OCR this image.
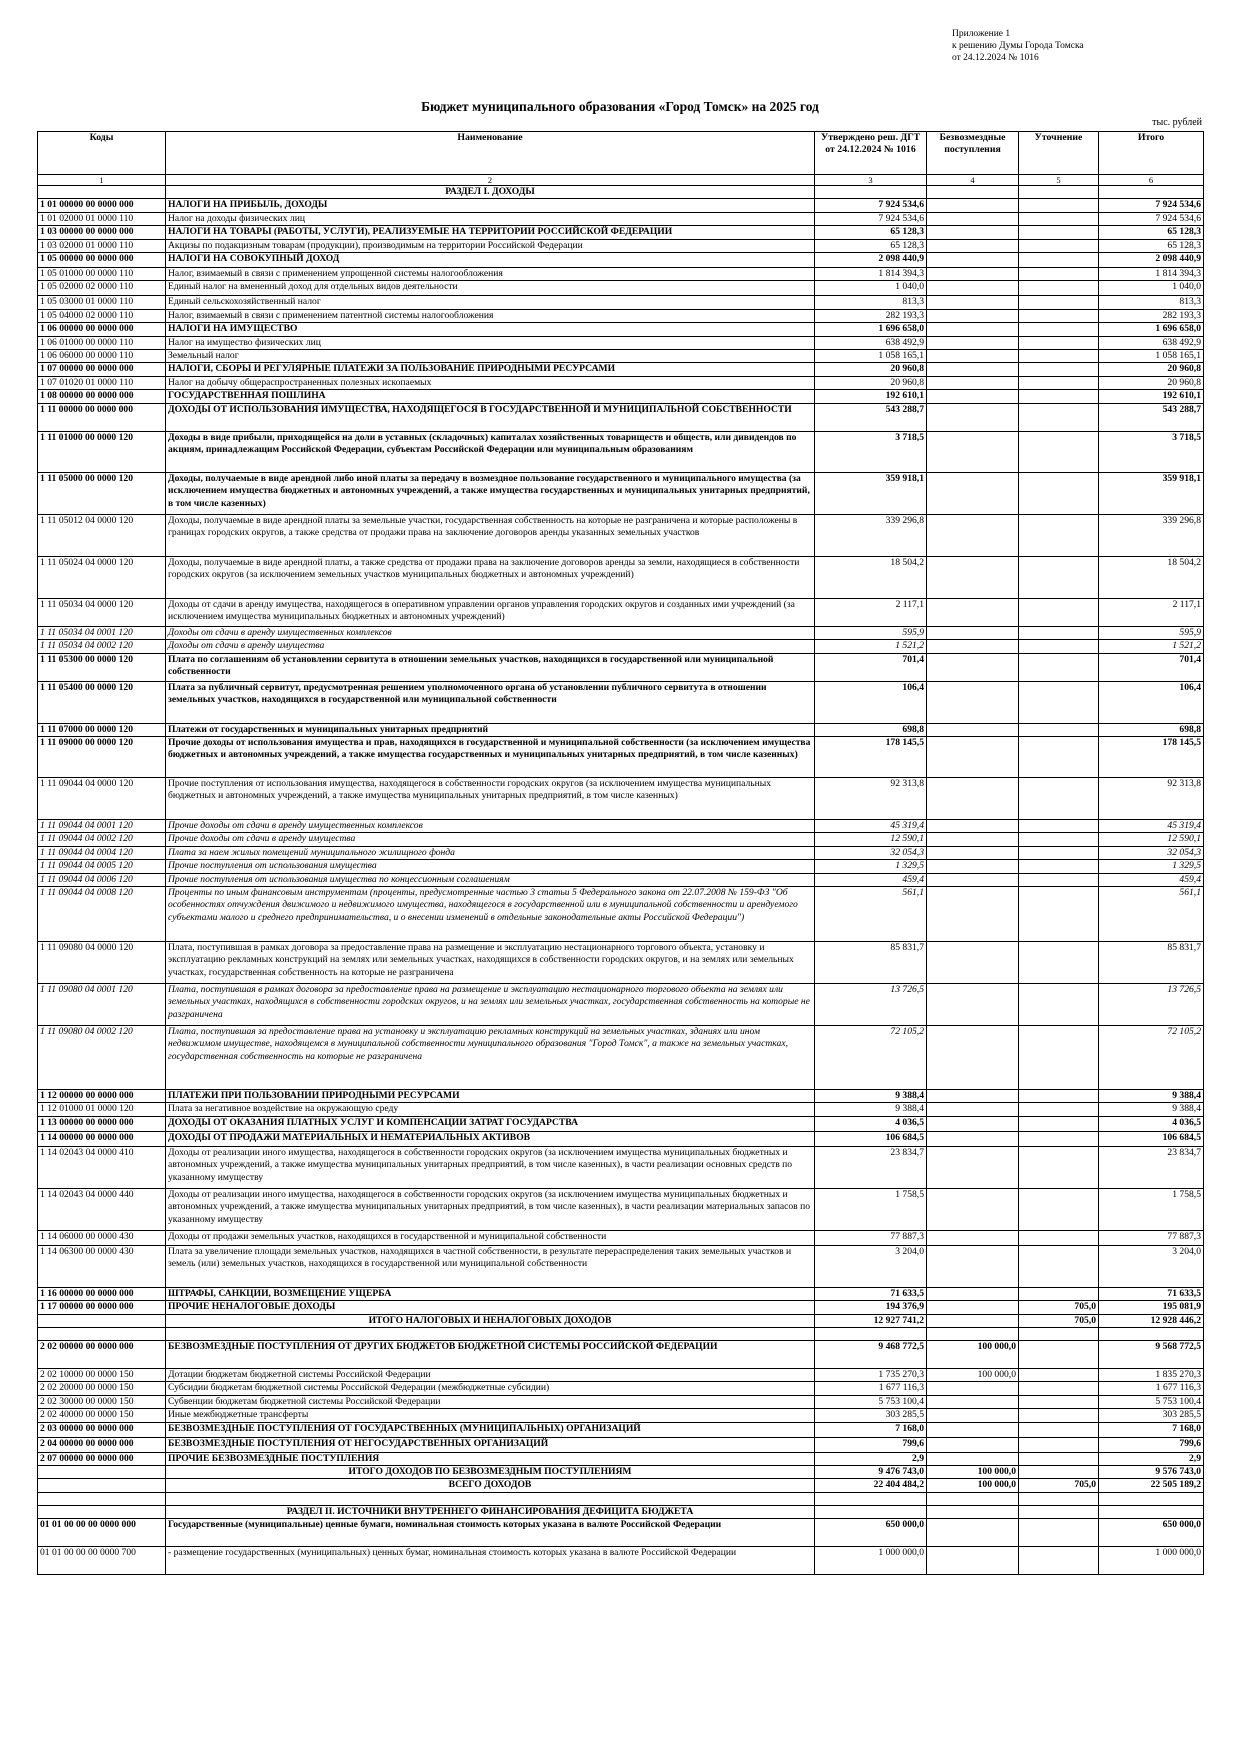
Приложение 1
к решению Думы Города Томска
от 24.12.2024 № 1016
Бюджет муниципального образования «Город Томск» на 2025 год
тыс. рублей
Коды	Наименование	Утверждено реш. ДГТ от 24.12.2024 № 1016	Безвозмездные поступления	Уточнение	Итого
1	2	3	4	5	6
	РАЗДЕЛ I. ДОХОДЫ				
1 01 00000 00 0000 000	НАЛОГИ НА ПРИБЫЛЬ, ДОХОДЫ	7 924 534,6			7 924 534,6
1 01 02000 01 0000 110	Налог на доходы физических лиц	7 924 534,6			7 924 534,6
1 03 00000 00 0000 000	НАЛОГИ НА ТОВАРЫ (РАБОТЫ, УСЛУГИ), РЕАЛИЗУЕМЫЕ НА ТЕРРИТОРИИ РОССИЙСКОЙ ФЕДЕРАЦИИ	65 128,3			65 128,3
1 03 02000 01 0000 110	Акцизы по подакцизным товарам (продукции), производимым на территории Российской Федерации	65 128,3			65 128,3
1 05 00000 00 0000 000	НАЛОГИ НА СОВОКУПНЫЙ ДОХОД	2 098 440,9			2 098 440,9
1 05 01000 00 0000 110	Налог, взимаемый в связи с применением упрощенной системы налогообложения	1 814 394,3			1 814 394,3
1 05 02000 02 0000 110	Единый налог на вмененный доход для отдельных видов деятельности	1 040,0			1 040,0
1 05 03000 01 0000 110	Единый сельскохозяйственный налог	813,3			813,3
1 05 04000 02 0000 110	Налог, взимаемый в связи с применением патентной системы налогообложения	282 193,3			282 193,3
1 06 00000 00 0000 000	НАЛОГИ НА ИМУЩЕСТВО	1 696 658,0			1 696 658,0
1 06 01000 00 0000 110	Налог на имущество физических лиц	638 492,9			638 492,9
1 06 06000 00 0000 110	Земельный налог	1 058 165,1			1 058 165,1
1 07 00000 00 0000 000	НАЛОГИ, СБОРЫ И РЕГУЛЯРНЫЕ ПЛАТЕЖИ ЗА ПОЛЬЗОВАНИЕ ПРИРОДНЫМИ РЕСУРСАМИ	20 960,8			20 960,8
1 07 01020 01 0000 110	Налог на добычу общераспространенных полезных ископаемых	20 960,8			20 960,8
1 08 00000 00 0000 000	ГОСУДАРСТВЕННАЯ ПОШЛИНА	192 610,1			192 610,1
1 11 00000 00 0000 000	ДОХОДЫ ОТ ИСПОЛЬЗОВАНИЯ ИМУЩЕСТВА, НАХОДЯЩЕГОСЯ В ГОСУДАРСТВЕННОЙ И МУНИЦИПАЛЬНОЙ СОБСТВЕННОСТИ	543 288,7			543 288,7
1 11 01000 00 0000 120	Доходы в виде прибыли, приходящейся на доли в уставных (складочных) капиталах хозяйственных товариществ и обществ, или дивидендов по акциям, принадлежащим Российской Федерации, субъектам Российской Федерации или муниципальным образованиям	3 718,5			3 718,5
1 11 05000 00 0000 120	Доходы, получаемые в виде арендной либо иной платы за передачу в возмездное пользование государственного и муниципального имущества (за исключением имущества бюджетных и автономных учреждений, а также имущества государственных и муниципальных унитарных предприятий, в том числе казенных)	359 918,1			359 918,1
1 11 05012 04 0000 120	Доходы, получаемые в виде арендной платы за земельные участки, государственная собственность на которые не разграничена и которые расположены в границах городских округов, а также средства от продажи права на заключение договоров аренды указанных земельных участков	339 296,8			339 296,8
1 11 05024 04 0000 120	Доходы, получаемые в виде арендной платы, а также средства от продажи права на заключение договоров аренды за земли, находящиеся в собственности городских округов (за исключением земельных участков муниципальных бюджетных и автономных учреждений)	18 504,2			18 504,2
1 11 05034 04 0000 120	Доходы от сдачи в аренду имущества, находящегося в оперативном управлении органов управления городских округов и созданных ими учреждений (за исключением имущества муниципальных бюджетных и автономных учреждений)	2 117,1			2 117,1
1 11 05034 04 0001 120	Доходы от сдачи в аренду имущественных комплексов	595,9			595,9
1 11 05034 04 0002 120	Доходы от сдачи в аренду имущества	1 521,2			1 521,2
1 11 05300 00 0000 120	Плата по соглашениям об установлении сервитута в отношении земельных участков, находящихся в государственной или муниципальной собственности	701,4			701,4
1 11 05400 00 0000 120	Плата за публичный сервитут, предусмотренная решением уполномоченного органа об установлении публичного сервитута в отношении земельных участков, находящихся в государственной или муниципальной собственности	106,4			106,4
1 11 07000 00 0000 120	Платежи от государственных и муниципальных унитарных предприятий	698,8			698,8
1 11 09000 00 0000 120	Прочие доходы от использования имущества и прав, находящихся в государственной и муниципальной собственности (за исключением имущества бюджетных и автономных учреждений, а также имущества государственных и муниципальных унитарных предприятий, в том числе казенных)	178 145,5			178 145,5
1 11 09044 04 0000 120	Прочие поступления от использования имущества, находящегося в собственности городских округов (за исключением имущества муниципальных бюджетных и автономных учреждений, а также имущества муниципальных унитарных предприятий, в том числе казенных)	92 313,8			92 313,8
1 11 09044 04 0001 120	Прочие доходы от сдачи в аренду имущественных комплексов	45 319,4			45 319,4
1 11 09044 04 0002 120	Прочие доходы от сдачи в аренду имущества	12 590,1			12 590,1
1 11 09044 04 0004 120	Плата за наем жилых помещений муниципального жилищного фонда	32 054,3			32 054,3
1 11 09044 04 0005 120	Прочие поступления от использования имущества	1 329,5			1 329,5
1 11 09044 04 0006 120	Прочие поступления от использования имущества по концессионным соглашениям	459,4			459,4
1 11 09044 04 0008 120	Проценты по иным финансовым инструментам (проценты, предусмотренные частью 3 статьи 5 Федерального закона от 22.07.2008 № 159-ФЗ "Об особенностях отчуждения движимого и недвижимого имущества, находящегося в государственной или в муниципальной собственности и арендуемого субъектами малого и среднего предпринимательства, и о внесении изменений в отдельные законодательные акты Российской Федерации")	561,1			561,1
1 11 09080 04 0000 120	Плата, поступившая в рамках договора за предоставление права на размещение и эксплуатацию нестационарного торгового объекта, установку и эксплуатацию рекламных конструкций на землях или земельных участках, находящихся в собственности городских округов, и на землях или земельных участках, государственная собственность на которые не разграничена	85 831,7			85 831,7
1 11 09080 04 0001 120	Плата, поступившая в рамках договора за предоставление права на размещение и эксплуатацию нестационарного торгового объекта на землях или земельных участках, находящихся в собственности городских округов, и на землях или земельных участках, государственная собственность на которые не разграничена	13 726,5			13 726,5
1 11 09080 04 0002 120	Плата, поступившая за предоставление права на установку и эксплуатацию рекламных конструкций на земельных участках, зданиях или ином недвижимом имуществе, находящемся в муниципальной собственности муниципального образования "Город Томск", а также на земельных участках, государственная собственность на которые не разграничена	72 105,2			72 105,2
1 12 00000 00 0000 000	ПЛАТЕЖИ ПРИ ПОЛЬЗОВАНИИ ПРИРОДНЫМИ РЕСУРСАМИ	9 388,4			9 388,4
1 12 01000 01 0000 120	Плата за негативное воздействие на окружающую среду	9 388,4			9 388,4
1 13 00000 00 0000 000	ДОХОДЫ ОТ ОКАЗАНИЯ ПЛАТНЫХ УСЛУГ И КОМПЕНСАЦИИ ЗАТРАТ ГОСУДАРСТВА	4 036,5			4 036,5
1 14 00000 00 0000 000	ДОХОДЫ ОТ ПРОДАЖИ МАТЕРИАЛЬНЫХ И НЕМАТЕРИАЛЬНЫХ АКТИВОВ	106 684,5			106 684,5
1 14 02043 04 0000 410	Доходы от реализации иного имущества, находящегося в собственности городских округов (за исключением имущества муниципальных бюджетных и автономных учреждений, а также имущества муниципальных унитарных предприятий, в том числе казенных), в части реализации основных средств по указанному имуществу	23 834,7			23 834,7
1 14 02043 04 0000 440	Доходы от реализации иного имущества, находящегося в собственности городских округов (за исключением имущества муниципальных бюджетных и автономных учреждений, а также имущества муниципальных унитарных предприятий, в том числе казенных), в части реализации материальных запасов по указанному имуществу	1 758,5			1 758,5
1 14 06000 00 0000 430	Доходы от продажи земельных участков, находящихся в государственной и муниципальной собственности	77 887,3			77 887,3
1 14 06300 00 0000 430	Плата за увеличение площади земельных участков, находящихся в частной собственности, в результате перераспределения таких земельных участков и земель (или) земельных участков, находящихся в государственной или муниципальной собственности	3 204,0			3 204,0
1 16 00000 00 0000 000	ШТРАФЫ, САНКЦИИ, ВОЗМЕЩЕНИЕ УЩЕРБА	71 633,5			71 633,5
1 17 00000 00 0000 000	ПРОЧИЕ НЕНАЛОГОВЫЕ ДОХОДЫ	194 376,9		705,0	195 081,9
	ИТОГО НАЛОГОВЫХ И НЕНАЛОГОВЫХ ДОХОДОВ	12 927 741,2		705,0	12 928 446,2

2 02 00000 00 0000 000	БЕЗВОЗМЕЗДНЫЕ ПОСТУПЛЕНИЯ ОТ ДРУГИХ БЮДЖЕТОВ БЮДЖЕТНОЙ СИСТЕМЫ РОССИЙСКОЙ ФЕДЕРАЦИИ	9 468 772,5	100 000,0		9 568 772,5
2 02 10000 00 0000 150	Дотации бюджетам бюджетной системы Российской Федерации	1 735 270,3	100 000,0		1 835 270,3
2 02 20000 00 0000 150	Субсидии бюджетам бюджетной системы Российской Федерации (межбюджетные субсидии)	1 677 116,3			1 677 116,3
2 02 30000 00 0000 150	Субвенции бюджетам бюджетной системы Российской Федерации	5 753 100,4			5 753 100,4
2 02 40000 00 0000 150	Иные межбюджетные трансферты	303 285,5			303 285,5
2 03 00000 00 0000 000	БЕЗВОЗМЕЗДНЫЕ ПОСТУПЛЕНИЯ ОТ ГОСУДАРСТВЕННЫХ (МУНИЦИПАЛЬНЫХ) ОРГАНИЗАЦИЙ	7 168,0			7 168,0
2 04 00000 00 0000 000	БЕЗВОЗМЕЗДНЫЕ ПОСТУПЛЕНИЯ ОТ НЕГОСУДАРСТВЕННЫХ ОРГАНИЗАЦИЙ	799,6			799,6
2 07 00000 00 0000 000	ПРОЧИЕ БЕЗВОЗМЕЗДНЫЕ ПОСТУПЛЕНИЯ	2,9			2,9
	ИТОГО ДОХОДОВ ПО БЕЗВОЗМЕЗДНЫМ ПОСТУПЛЕНИЯМ	9 476 743,0	100 000,0		9 576 743,0
	ВСЕГО ДОХОДОВ	22 404 484,2	100 000,0	705,0	22 505 189,2

	РАЗДЕЛ II. ИСТОЧНИКИ ВНУТРЕННЕГО ФИНАНСИРОВАНИЯ ДЕФИЦИТА БЮДЖЕТА				
01 01 00 00 00 0000 000	Государственные (муниципальные) ценные бумаги, номинальная стоимость которых указана в валюте Российской Федерации	650 000,0			650 000,0
01 01 00 00 00 0000 700	- размещение государственных (муниципальных) ценных бумаг, номинальная стоимость которых указана в валюте Российской Федерации	1 000 000,0			1 000 000,0
